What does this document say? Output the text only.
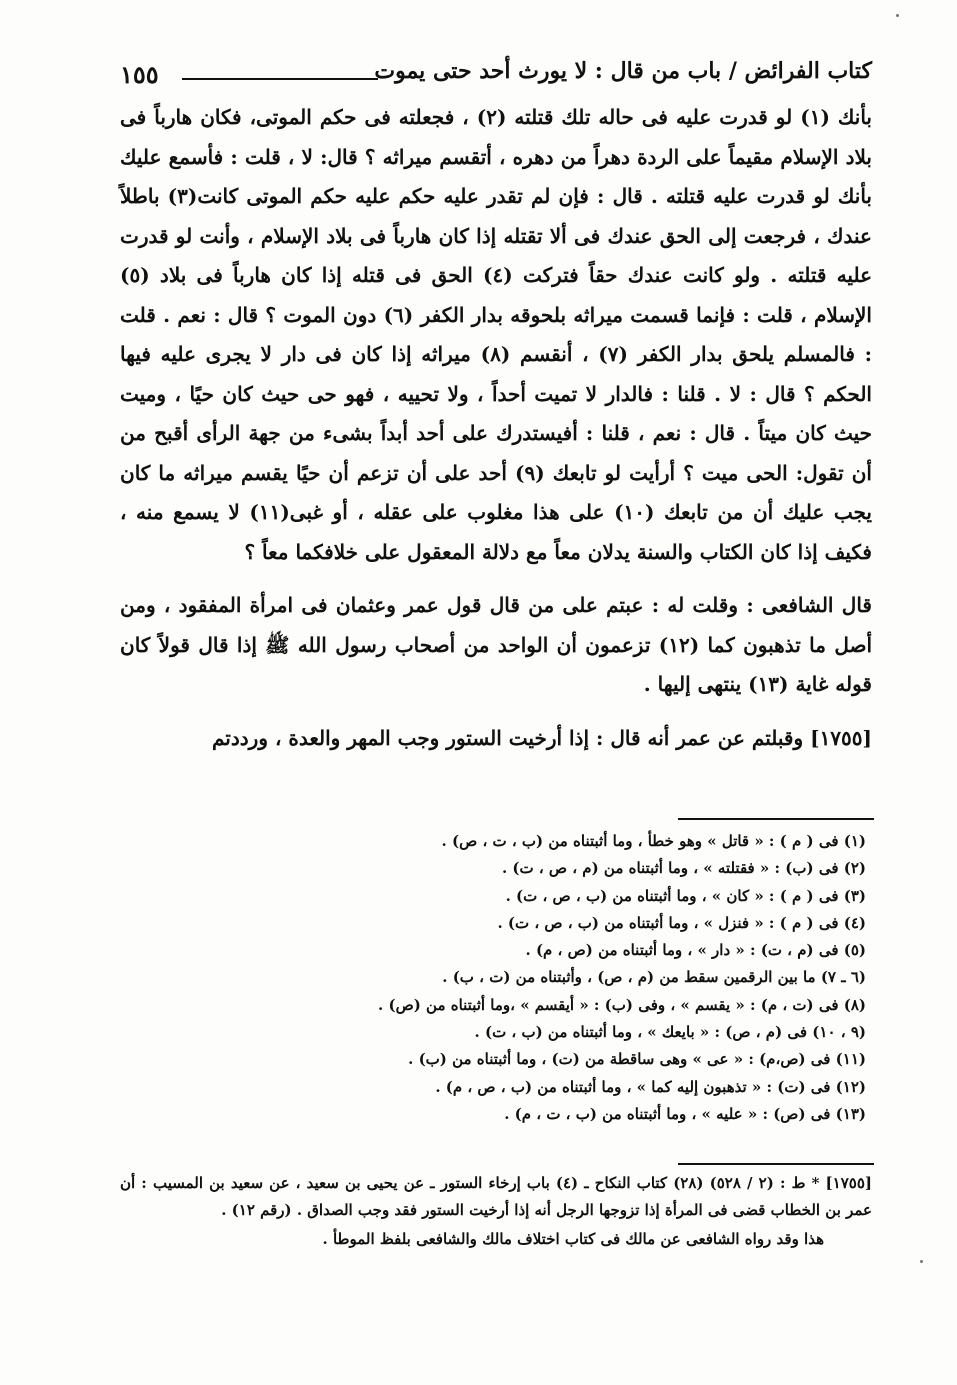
١٥٥	كتاب الفرائض / باب من قال : لا يورث أحد حتى يموت

بأنك (١) لو قدرت عليه فى حاله تلك قتلته (٢) ، فجعلته فى حكم الموتى، فكان هارباً فى بلاد الإسلام مقيماً على الردة دهراً من دهره ، أتقسم ميراثه ؟ قال: لا ، قلت : فأسمع عليك بأنك لو قدرت عليه قتلته . قال : فإن لم تقدر عليه حكم عليه حكم الموتى كانت(٣) باطلاً عندك ، فرجعت إلى الحق عندك فى ألا تقتله إذا كان هارباً فى بلاد الإسلام ، وأنت لو قدرت عليه قتلته . ولو كانت عندك حقاً فتركت (٤) الحق فى قتله إذا كان هارباً فى بلاد (٥) الإسلام ، قلت : فإنما قسمت ميراثه بلحوقه بدار الكفر (٦) دون الموت ؟ قال : نعم . قلت : فالمسلم يلحق بدار الكفر (٧) ، أنقسم (٨) ميراثه إذا كان فى دار لا يجرى عليه فيها الحكم ؟ قال : لا . قلنا : فالدار لا تميت أحداً ، ولا تحييه ، فهو حى حيث كان حيًا ، وميت حيث كان ميتاً . قال : نعم ، قلنا : أفيستدرك على أحد أبداً بشىء من جهة الرأى أقبح من أن تقول: الحى ميت ؟ أرأيت لو تابعك (٩) أحد على أن تزعم أن حيًا يقسم ميراثه ما كان يجب عليك أن من تابعك (١٠) على هذا مغلوب على عقله ، أو غبى(١١) لا يسمع منه ، فكيف إذا كان الكتاب والسنة يدلان معاً مع دلالة المعقول على خلافكما معاً ؟

قال الشافعى : وقلت له : عبتم على من قال قول عمر وعثمان فى امرأة المفقود ، ومن أصل ما تذهبون كما (١٢) تزعمون أن الواحد من أصحاب رسول الله ﷺ إذا قال قولاً كان قوله غاية (١٣) ينتهى إليها .

[١٧٥٥] وقبلتم عن عمر أنه قال : إذا أرخيت الستور وجب المهر والعدة ، ورددتم

(١) فى ( م ) : « قاتل » وهو خطأ ، وما أثبتناه من (ب ، ت ، ص) .
(٢) فى (ب) : « فقتلته » ، وما أثبتناه من (م ، ص ، ت) .
(٣) فى ( م ) : « كان » ، وما أثبتناه من (ب ، ص ، ت) .
(٤) فى ( م ) : « فنزل » ، وما أثبتناه من (ب ، ص ، ت) .
(٥) فى (م ، ت) : « دار » ، وما أثبتناه من (ص ، م) .
(٦ ـ ٧) ما بين الرقمين سقط من (م ، ص) ، وأثبتناه من (ت ، ب) .
(٨) فى (ت ، م) : « يقسم » ، وفى (ب) : « أيقسم » ،وما أثبتناه من (ص) .
(٩ ، ١٠) فى (م ، ص) : « بايعك » ، وما أثبتناه من (ب ، ت) .
(١١) فى (ص،م) : « عى » وهى ساقطة من (ت) ، وما أثبتناه من (ب) .
(١٢) فى (ت) : « تذهبون إليه كما » ، وما أثبتناه من (ب ، ص ، م) .
(١٣) فى (ص) : « عليه » ، وما أثبتناه من (ب ، ت ، م) .

[١٧٥٥] * ط : (٢ / ٥٢٨) (٢٨) كتاب النكاح ـ (٤) باب إرخاء الستور ـ عن يحيى بن سعيد ، عن سعيد بن المسيب : أن عمر بن الخطاب قضى فى المرأة إذا تزوجها الرجل أنه إذا أرخيت الستور فقد وجب الصداق . (رقم ١٢) .

هذا وقد رواه الشافعى عن مالك فى كتاب اختلاف مالك والشافعى بلفظ الموطأ .
